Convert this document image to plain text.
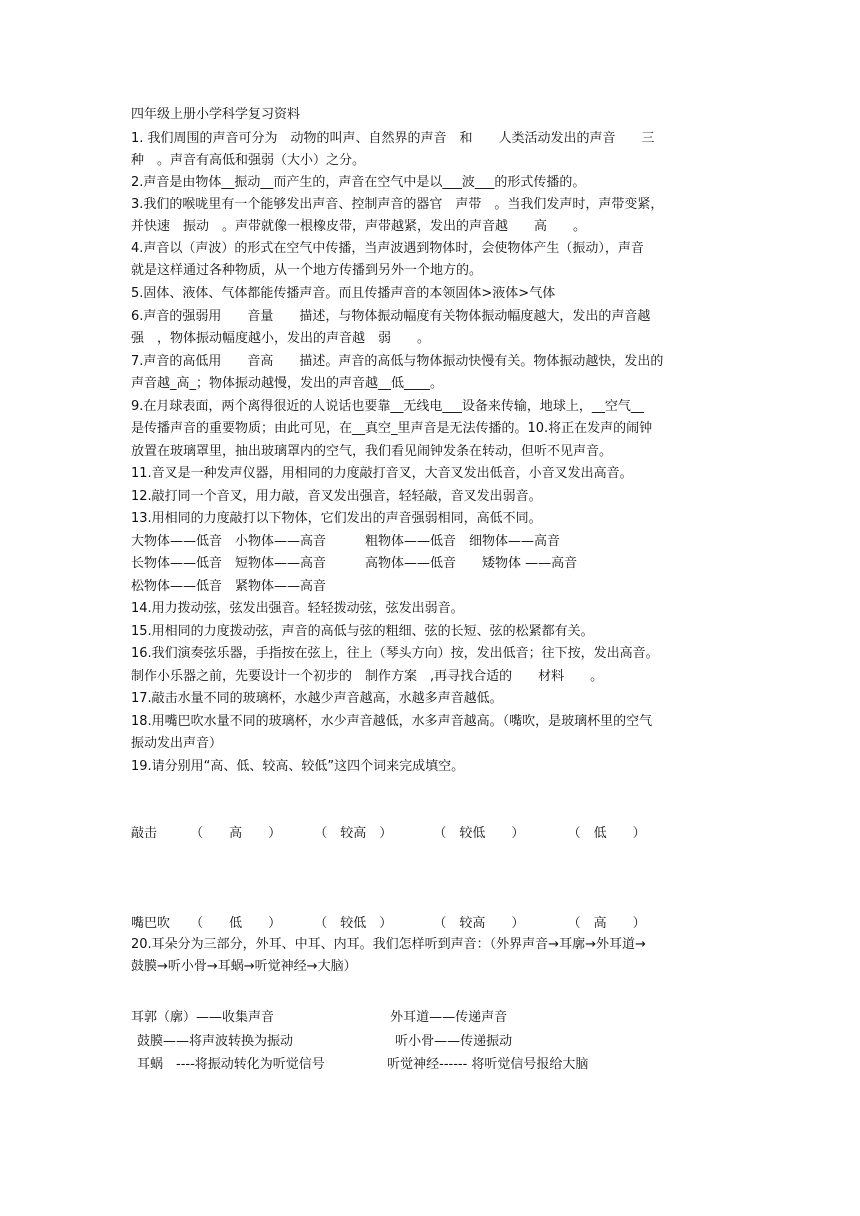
四年级上册小学科学复习资料
1. 我们周围的声音可分为　动物的叫声、自然界的声音　和　　人类活动发出的声音　　三
种　。声音有高低和强弱（大小）之分。
2.声音是由物体__振动__而产生的，声音在空气中是以___波___的形式传播的。
3.我们的喉咙里有一个能够发出声音、控制声音的器官　声带　。当我们发声时，声带变紧，
并快速　振动　。声带就像一根橡皮带，声带越紧，发出的声音越　　高　　。
4.声音以（声波）的形式在空气中传播，当声波遇到物体时，会使物体产生（振动），声音
就是这样通过各种物质，从一个地方传播到另外一个地方的。
5.固体、液体、气体都能传播声音。而且传播声音的本领固体>液体>气体
6.声音的强弱用　　音量　　描述，与物体振动幅度有关物体振动幅度越大，发出的声音越
强　，物体振动幅度越小，发出的声音越　弱　　。
7.声音的高低用　　音高　　描述。声音的高低与物体振动快慢有关。物体振动越快，发出的
声音越_高_；物体振动越慢，发出的声音越__低____。
9.在月球表面，两个离得很近的人说话也要靠__无线电___设备来传输，地球上，__空气__
是传播声音的重要物质；由此可见，在__真空_里声音是无法传播的。10.将正在发声的闹钟
放置在玻璃罩里，抽出玻璃罩内的空气，我们看见闹钟发条在转动，但听不见声音。
11.音叉是一种发声仪器，用相同的力度敲打音叉，大音叉发出低音，小音叉发出高音。
12.敲打同一个音叉，用力敲，音叉发出强音，轻轻敲，音叉发出弱音。
13.用相同的力度敲打以下物体，它们发出的声音强弱相同，高低不同。
大物体——低音　小物体——高音　　　粗物体——低音　细物体——高音
长物体——低音　短物体——高音　　　高物体——低音　　矮物体 ——高音
松物体——低音　紧物体——高音
14.用力拨动弦，弦发出强音。轻轻拨动弦，弦发出弱音。
15.用相同的力度拨动弦，声音的高低与弦的粗细、弦的长短、弦的松紧都有关。
16.我们演奏弦乐器，手指按在弦上，往上（琴头方向）按，发出低音；往下按，发出高音。
制作小乐器之前，先要设计一个初步的　制作方案　,再寻找合适的　　材料　　。
17.敲击水量不同的玻璃杯，水越少声音越高，水越多声音越低。
18.用嘴巴吹水量不同的玻璃杯，水少声音越低，水多声音越高。（嘴吹，是玻璃杯里的空气
振动发出声音）
19.请分别用“高、低、较高、较低”这四个词来完成填空。
敲击	（　　高　　）	（　较高　）	（　较低　　）	（　低　　）
嘴巴吹 （　　低　　）	（　较低　）	（　较高　　）	（　高　　）
20.耳朵分为三部分，外耳、中耳、内耳。我们怎样听到声音：（外界声音→耳廓→外耳道→
鼓膜→听小骨→耳蜗→听觉神经→大脑）
耳郭（廓）——收集声音	外耳道——传递声音
鼓膜——将声波转换为振动	听小骨——传递振动
耳蜗　----将振动转化为听觉信号	听觉神经------ 将听觉信号报给大脑
